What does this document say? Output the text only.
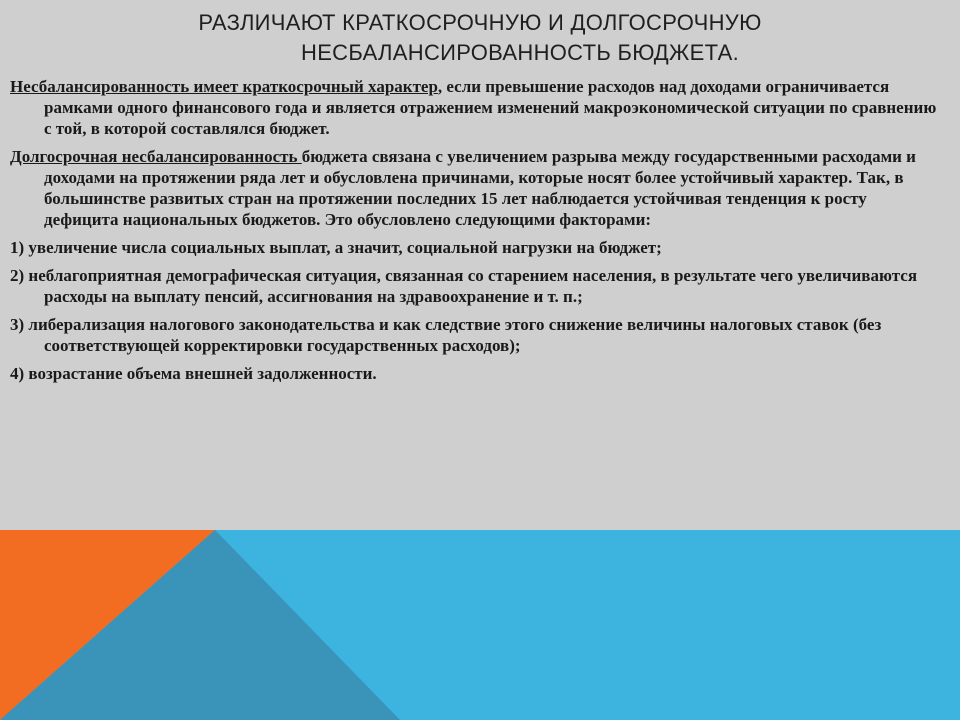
РАЗЛИЧАЮТ КРАТКОСРОЧНУЮ И ДОЛГОСРОЧНУЮ
НЕСБАЛАНСИРОВАННОСТЬ БЮДЖЕТА.

Несбалансированность имеет краткосрочный характер, если превышение расходов над доходами ограничивается рамками одного финансового года и является отражением изменений макроэкономической ситуации по сравнению с той, в которой составлялся бюджет.

Долгосрочная несбалансированность бюджета связана с увеличением разрыва между государственными расходами и доходами на протяжении ряда лет и обусловлена причинами, которые носят более устойчивый характер. Так, в большинстве развитых стран на протяжении последних 15 лет наблюдается устойчивая тенденция к росту дефицита национальных бюджетов. Это обусловлено следующими факторами:

1) увеличение числа социальных выплат, а значит, социальной нагрузки на бюджет;

2) неблагоприятная демографическая ситуация, связанная со старением населения, в результате чего увеличиваются расходы на выплату пенсий, ассигнования на здравоохранение и т. п.;

3) либерализация налогового законодательства и как следствие этого снижение величины налоговых ставок (без соответствующей корректировки государственных расходов);

4) возрастание объема внешней задолженности.
